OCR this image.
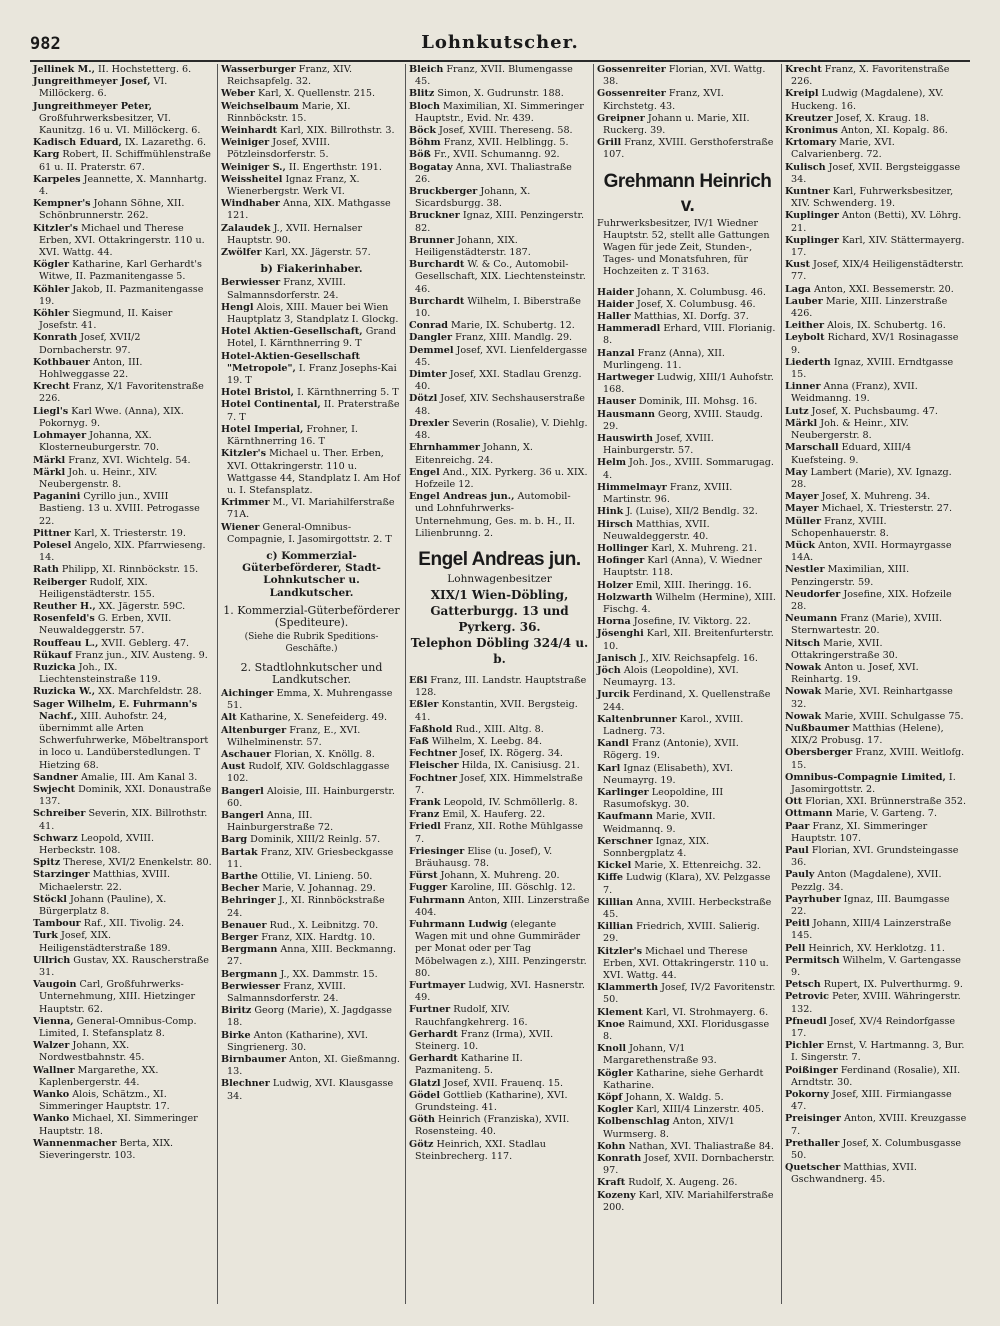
982	Lohnkutscher.

Jellinek M., II. Hochstetterg. 6.

Jungreithmeyer Josef, VI. Millöckerg. 6.

Jungreithmeyer Peter, Großfuhrwerksbesitzer, VI. Kaunitzg. 16 u. VI. Millöckerg. 6.

Kadisch Eduard, IX. Lazarethg. 6.

Karg Robert, II. Schiffmühlenstraße 61 u. II. Praterstr. 67.

Karpeles Jeannette, X. Mannhartg. 4.

Kempner's Johann Söhne, XII. Schönbrunnerstr. 262.

Kitzler's Michael und Therese Erben, XVI. Ottakringerstr. 110 u. XVI. Wattg. 44.

Kögler Katharine, Karl Gerhardt's Witwe, II. Pazmanitengasse 5.

Köhler Jakob, II. Pazmanitengasse 19.

Köhler Siegmund, II. Kaiser Josefstr. 41.

Konrath Josef, XVII/2 Dornbacherstr. 97.

Kothbauer Anton, III. Hohlweggasse 22.

Krecht Franz, X/1 Favoritenstraße 226.

Liegl's Karl Wwe. (Anna), XIX. Pokornyg. 9.

Lohmayer Johanna, XX. Klosterneuburgerstr. 70.

Märkl Franz, XVI. Wichtelg. 54.

Märkl Joh. u. Heinr., XIV. Neubergenstr. 8.

Paganini Cyrillo jun., XVIII Bastieng. 13 u. XVIII. Petrogasse 22.

Pittner Karl, X. Triesterstr. 19.

Polesel Angelo, XIX. Pfarrwieseng. 14.

Rath Philipp, XI. Rinnböckstr. 15.

Reiberger Rudolf, XIX. Heiligenstädterstr. 155.

Reuther H., XX. Jägerstr. 59C.

Rosenfeld's G. Erben, XVII. Neuwaldeggerstr. 57.

Rouffeau L., XVII. Geblerg. 47.

Rükauf Franz jun., XIV. Austeng. 9.

Ruzicka Joh., IX. Liechtensteinstraße 119.

Ruzicka W., XX. Marchfeldstr. 28.

Sager Wilhelm, E. Fuhrmann's Nachf., XIII. Auhofstr. 24, übernimmt alle Arten Schwerfuhrwerke, Möbeltransport in loco u. Landüberstedlungen. T Hietzing 68.

Sandner Amalie, III. Am Kanal 3.

Swjecht Dominik, XXI. Donaustraße 137.

Schreiber Severin, XIX. Billrothstr. 41.

Schwarz Leopold, XVIII. Herbeckstr. 108.

Spitz Therese, XVI/2 Enenkelstr. 80.

Starzinger Matthias, XVIII. Michaelerstr. 22.

Stöckl Johann (Pauline), X. Bürgerplatz 8.

Tambour Raf., XII. Tivolig. 24.

Turk Josef, XIX. Heiligenstädterstraße 189.

Ullrich Gustav, XX. Rauscherstraße 31.

Vaugoin Carl, Großfuhrwerks-Unternehmung, XIII. Hietzinger Hauptstr. 62.

Vienna, General-Omnibus-Comp. Limited, I. Stefansplatz 8.

Walzer Johann, XX. Nordwestbahnstr. 45.

Wallner Margarethe, XX. Kaplenbergerstr. 44.

Wanko Alois, Schätzm., XI. Simmeringer Hauptstr. 17.

Wanko Michael, XI. Simmeringer Hauptstr. 18.

Wannenmacher Berta, XIX. Sieveringerstr. 103.

Wasserburger Franz, XIV. Reichsapfelg. 32.

Weber Karl, X. Quellenstr. 215.

Weichselbaum Marie, XI. Rinnböckstr. 15.

Weinhardt Karl, XIX. Billrothstr. 3.

Weiniger Josef, XVIII. Pötzleinsdorferstr. 5.

Weiniger S., II. Engerthstr. 191.

Weissheitel Ignaz Franz, X. Wienerbergstr. Werk VI.

Windhaber Anna, XIX. Mathgasse 121.

Zalaudek J., XVII. Hernalser Hauptstr. 90.

Zwölfer Karl, XX. Jägerstr. 57.

b) Fiakerinhaber.

Berwiesser Franz, XVIII. Salmannsdorferstr. 24.

Hengl Alois, XIII. Mauer bei Wien Hauptplatz 3, Standplatz I. Glockg.

Hotel Aktien-Gesellschaft, Grand Hotel, I. Kärnthnerring 9. T

Hotel-Aktien-Gesellschaft "Metropole", I. Franz Josephs-Kai 19. T

Hotel Bristol, I. Kärnthnerring 5. T

Hotel Continental, II. Praterstraße 7. T

Hotel Imperial, Frohner, I. Kärnthnerring 16. T

Kitzler's Michael u. Ther. Erben, XVI. Ottakringerstr. 110 u. Wattgasse 44, Standplatz I. Am Hof u. I. Stefansplatz.

Krimmer M., VI. Mariahilferstraße 71A.

Wiener General-Omnibus-Compagnie, I. Jasomirgottstr. 2. T

c) Kommerzial-Güterbeförderer, Stadt-Lohnkutscher u. Landkutscher.
1. Kommerzial-Güterbeförderer (Spediteure).
(Siehe die Rubrik Speditions-Geschäfte.)
2. Stadtlohnkutscher und Landkutscher.

Aichinger Emma, X. Muhrengasse 51.

Alt Katharine, X. Senefeiderg. 49.

Altenburger Franz, E., XVI. Wilhelminenstr. 57.

Aschauer Florian, X. Knöllg. 8.

Aust Rudolf, XIV. Goldschlaggasse 102.

Bangerl Aloisie, III. Hainburgerstr. 60.

Bangerl Anna, III. Hainburgerstraße 72.

Barg Dominik, XIII/2 Reinlg. 57.

Bartak Franz, XIV. Griesbeckgasse 11.

Barthe Ottilie, VI. Linieng. 50.

Becher Marie, V. Johannag. 29.

Behringer J., XI. Rinnböckstraße 24.

Benauer Rud., X. Leibnitzg. 70.

Berger Franz, XIX. Hardtg. 10.

Bergmann Anna, XIII. Beckmanng. 27.

Bergmann J., XX. Dammstr. 15.

Berwiesser Franz, XVIII. Salmannsdorferstr. 24.

Biritz Georg (Marie), X. Jagdgasse 18.

Birke Anton (Katharine), XVI. Singrienerg. 30.

Birnbaumer Anton, XI. Gießmanng. 13.

Blechner Ludwig, XVI. Klausgasse 34.

Bleich Franz, XVII. Blumengasse 45.

Blitz Simon, X. Gudrunstr. 188.

Bloch Maximilian, XI. Simmeringer Hauptstr., Evid. Nr. 439.

Böck Josef, XVIII. Thereseng. 58.

Böhm Franz, XVII. Helblingg. 5.

Böß Fr., XVII. Schumanng. 92.

Bogatay Anna, XVI. Thaliastraße 26.

Bruckberger Johann, X. Sicardsburgg. 38.

Bruckner Ignaz, XIII. Penzingerstr. 82.

Brunner Johann, XIX. Heiligenstädterstr. 187.

Burchardt W. & Co., Automobil-Gesellschaft, XIX. Liechtensteinstr. 46.

Burchardt Wilhelm, I. Biberstraße 10.

Conrad Marie, IX. Schubertg. 12.

Dangler Franz, XIII. Mandlg. 29.

Demmel Josef, XVI. Lienfeldergasse 45.

Dimter Josef, XXI. Stadlau Grenzg. 40.

Dötzl Josef, XIV. Sechshauserstraße 48.

Drexler Severin (Rosalie), V. Diehlg. 48.

Ehrnhammer Johann, X. Eitenreichg. 24.

Engel And., XIX. Pyrkerg. 36 u. XIX. Hofzeile 12.

Engel Andreas jun., Automobil- und Lohnfuhrwerks-Unternehmung, Ges. m. b. H., II. Lilienbrunng. 2.

Engel Andreas jun.
Lohnwagenbesitzer
XIX/1 Wien-Döbling, Gatterburgg. 13 und Pyrkerg. 36.
Telephon Döbling 324/4 u. b.

Eßl Franz, III. Landstr. Hauptstraße 128.

Eßler Konstantin, XVII. Bergsteig. 41.

Faßhold Rud., XIII. Altg. 8.

Faß Wilhelm, X. Leebg. 84.

Fechtner Josef, IX. Rögerg. 34.

Fleischer Hilda, IX. Canisiusg. 21.

Fochtner Josef, XIX. Himmelstraße 7.

Frank Leopold, IV. Schmöllerlg. 8.

Franz Emil, X. Hauferg. 22.

Friedl Franz, XII. Rothe Mühlgasse 7.

Friesinger Elise (u. Josef), V. Bräuhausg. 78.

Fürst Johann, X. Muhreng. 20.

Fugger Karoline, III. Göschlg. 12.

Fuhrmann Anton, XIII. Linzerstraße 404.

Fuhrmann Ludwig (elegante Wagen mit und ohne Gummiräder per Monat oder per Tag Möbelwagen z.), XIII. Penzingerstr. 80.

Furtmayer Ludwig, XVI. Hasnerstr. 49.

Furtner Rudolf, XIV. Rauchfangkehrerg. 16.

Gerhardt Franz (Irma), XVII. Steinerg. 10.

Gerhardt Katharine II. Pazmaniteng. 5.

Glatzl Josef, XVII. Frauenq. 15.

Gödel Gottlieb (Katharine), XVI. Grundsteing. 41.

Göth Heinrich (Franziska), XVII. Rosensteing. 40.

Götz Heinrich, XXI. Stadlau Steinbrecherg. 117.

Gossenreiter Florian, XVI. Wattg. 38.

Gossenreiter Franz, XVI. Kirchstetg. 43.

Greipner Johann u. Marie, XII. Ruckerg. 39.

Grill Franz, XVIII. Gersthoferstraße 107.

Grehmann Heinrich v.

Fuhrwerksbesitzer, IV/1 Wiedner Hauptstr. 52, stellt alle Gattungen Wagen für jede Zeit, Stunden-, Tages- und Monatsfuhren, für Hochzeiten z. T 3163.

Haider Johann, X. Columbusg. 46.

Haider Josef, X. Columbusg. 46.

Haller Matthias, XI. Dorfg. 37.

Hammeradl Erhard, VIII. Florianig. 8.

Hanzal Franz (Anna), XII. Murlingeng. 11.

Hartweger Ludwig, XIII/1 Auhofstr. 168.

Hauser Dominik, III. Mohsg. 16.

Hausmann Georg, XVIII. Staudg. 29.

Hauswirth Josef, XVIII. Hainburgerstr. 57.

Helm Joh. Jos., XVIII. Sommarugag. 4.

Himmelmayr Franz, XVIII. Martinstr. 96.

Hink J. (Luise), XII/2 Bendlg. 32.

Hirsch Matthias, XVII. Neuwaldeggerstr. 40.

Hollinger Karl, X. Muhreng. 21.

Hofinger Karl (Anna), V. Wiedner Hauptstr. 118.

Holzer Emil, XIII. Iheringg. 16.

Holzwarth Wilhelm (Hermine), XIII. Fischg. 4.

Horna Josefine, IV. Viktorg. 22.

Jösenghi Karl, XII. Breitenfurterstr. 10.

Janisch J., XIV. Reichsapfelg. 16.

Jöch Alois (Leopoldine), XVI. Neumayrg. 13.

Jurcik Ferdinand, X. Quellenstraße 244.

Kaltenbrunner Karol., XVIII. Ladnerg. 73.

Kandl Franz (Antonie), XVII. Rögerg. 19.

Karl Ignaz (Elisabeth), XVI. Neumayrg. 19.

Karlinger Leopoldine, III Rasumofskyg. 30.

Kaufmann Marie, XVII. Weidmannq. 9.

Kerschner Ignaz, XIX. Sonnbergplatz 4.

Kickel Marie, X. Ettenreichg. 32.

Kiffe Ludwig (Klara), XV. Pelzgasse 7.

Killian Anna, XVIII. Herbeckstraße 45.

Killian Friedrich, XVIII. Salierig. 29.

Kitzler's Michael und Therese Erben, XVI. Ottakringerstr. 110 u. XVI. Wattg. 44.

Klammerth Josef, IV/2 Favoritenstr. 50.

Klement Karl, VI. Strohmayerg. 6.

Knoe Raimund, XXI. Floridusgasse 8.

Knoll Johann, V/1 Margarethenstraße 93.

Kögler Katharine, siehe Gerhardt Katharine.

Köpf Johann, X. Waldg. 5.

Kogler Karl, XIII/4 Linzerstr. 405.

Kolbenschlag Anton, XIV/1 Wurmserg. 8.

Kohn Nathan, XVI. Thaliastraße 84.

Konrath Josef, XVII. Dornbacherstr. 97.

Kraft Rudolf, X. Augeng. 26.

Kozeny Karl, XIV. Mariahilferstraße 200.

Krecht Franz, X. Favoritenstraße 226.

Kreipl Ludwig (Magdalene), XV. Huckeng. 16.

Kreutzer Josef, X. Kraug. 18.

Kronimus Anton, XI. Kopalg. 86.

Krtomary Marie, XVI. Calvarienberg. 72.

Kulisch Josef, XVII. Bergsteiggasse 34.

Kuntner Karl, Fuhrwerksbesitzer, XIV. Schwenderg. 19.

Kuplinger Anton (Betti), XV. Löhrg. 21.

Kuplinger Karl, XIV. Stättermayerg. 17.

Kust Josef, XIX/4 Heiligenstädterstr. 77.

Laga Anton, XXI. Bessemerstr. 20.

Lauber Marie, XIII. Linzerstraße 426.

Leither Alois, IX. Schubertg. 16.

Leybolt Richard, XV/1 Rosinagasse 9.

Liederth Ignaz, XVIII. Erndtgasse 15.

Linner Anna (Franz), XVII. Weidmanng. 19.

Lutz Josef, X. Puchsbaumg. 47.

Märkl Joh. & Heinr., XIV. Neubergerstr. 8.

Marschall Eduard, XIII/4 Kuefsteing. 9.

May Lambert (Marie), XV. Ignazg. 28.

Mayer Josef, X. Muhreng. 34.

Mayer Michael, X. Triesterstr. 27.

Müller Franz, XVIII. Schopenhauerstr. 8.

Mück Anton, XVII. Hormayrgasse 14A.

Nestler Maximilian, XIII. Penzingerstr. 59.

Neudorfer Josefine, XIX. Hofzeile 28.

Neumann Franz (Marie), XVIII. Sternwartestr. 20.

Nitsch Marie, XVII. Ottakringerstraße 30.

Nowak Anton u. Josef, XVI. Reinhartg. 19.

Nowak Marie, XVI. Reinhartgasse 32.

Nowak Marie, XVIII. Schulgasse 75.

Nußbaumer Matthias (Helene), XIX/2 Probusg. 17.

Obersberger Franz, XVIII. Weitlofg. 15.

Omnibus-Compagnie Limited, I. Jasomirgottstr. 2.

Ott Florian, XXI. Brünnerstraße 352.

Ottmann Marie, V. Garteng. 7.

Paar Franz, XI. Simmeringer Hauptstr. 107.

Paul Florian, XVI. Grundsteingasse 36.

Pauly Anton (Magdalene), XVII. Pezzlg. 34.

Payrhuber Ignaz, III. Baumgasse 22.

Peitl Johann, XIII/4 Lainzerstraße 145.

Pell Heinrich, XV. Herklotzg. 11.

Permitsch Wilhelm, V. Gartengasse 9.

Petsch Rupert, IX. Pulverthurmg. 9.

Petrovic Peter, XVIII. Währingerstr. 132.

Pfneudl Josef, XV/4 Reindorfgasse 17.

Pichler Ernst, V. Hartmanng. 3, Bur. I. Singerstr. 7.

Poißinger Ferdinand (Rosalie), XII. Arndtstr. 30.

Pokorny Josef, XIII. Firmiangasse 47.

Preisinger Anton, XVIII. Kreuzgasse 7.

Prethaller Josef, X. Columbusgasse 50.

Quetscher Matthias, XVII. Gschwandnerg. 45.
